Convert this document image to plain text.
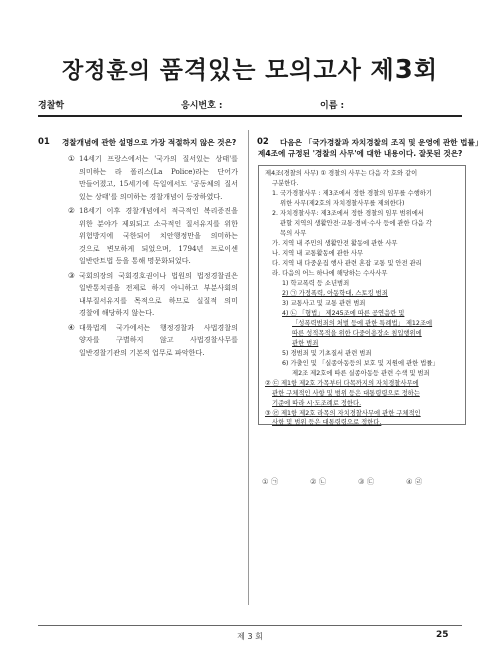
장정훈의 품격있는 모의고사 제3회
경찰학	응시번호 :	이름 :
01 경찰개념에 관한 설명으로 가장 적절하지 않은 것은?
① 14세기 프랑스에서는 '국가의 질서있는 상태'를 의미하는 라 폴리스(La Police)라는 단어가 만들어졌고, 15세기에 독일에서도 '공동체의 질서 있는 상태'를 의미하는 경찰개념이 등장하였다.
② 18세기 이후 경찰개념에서 적극적인 복리증진을 위한 분야가 제외되고 소극적인 질서유지를 위한 위험방지에 국한되어 치안행정만을 의미하는 것으로 변모하게 되었으며, 1794년 프로이센 일반란트법 등을 통해 명문화되었다.
③ 국회의장의 국회경호권이나 법원의 법정경찰권은 일반통치권을 전제로 하지 아니하고 부분사회의 내부질서유지를 목적으로 하므로 실질적 의미 경찰에 해당하지 않는다.
④ 대륙법계 국가에서는 행정경찰과 사법경찰의 양자를 구별하지 않고 사법경찰사무를 일반경찰기관의 기본적 업무로 파악한다.
02 다음은 「국가경찰과 자치경찰의 조직 및 운영에 관한 법률」
제4조에 규정된 '경찰의 사무'에 대한 내용이다. 잘못된 것은?
제4조(경찰의 사무) ① 경찰의 사무는 다음 각 호와 같이
구분한다.
1. 국가경찰사무 : 제3조에서 정한 경찰의 임무를 수행하기
위한 사무(제2호의 자치경찰사무를 제외한다)
2. 자치경찰사무: 제3조에서 정한 경찰의 임무 범위에서
관할 지역의 생활안전·교통·경비·수사 등에 관한 다음 각
목의 사무
가. 지역 내 주민의 생활안전 활동에 관한 사무
나. 지역 내 교통활동에 관한 사무
다. 지역 내 다중운집 행사 관련 혼잡 교통 및 안전 관리
라. 다음의 어느 하나에 해당하는 수사사무
1) 학교폭력 등 소년범죄
2) ㉠ 가정폭력, 아동학대, 스토킹 범죄
3) 교통사고 및 교통 관련 범죄
4) ㉡ 「형법」 제245조에 따른 공연음란 및
「성폭력범죄의 처벌 등에 관한 특례법」 제12조에
따른 성적목적을 위한 다중이용장소 침입행위에
관한 범죄
5) 경범죄 및 기초질서 관련 범죄
6) 가출인 및 「실종아동등의 보호 및 지원에 관한 법률」
제2조 제2호에 따른 실종아동등 관련 수색 및 범죄
② ㉢ 제1항 제2호 가목부터 다목까지의 자치경찰사무에
관한 구체적인 사항 및 범위 등은 대통령령으로 정하는
기준에 따라 시·도조례로 정한다.
③ ㉣ 제1항 제2호 라목의 자치경찰사무에 관한 구체적인
사항 및 범위 등은 대통령령으로 정한다.
① ㉠	② ㉡	③ ㉢	④ ㉣
제 3 회	25
